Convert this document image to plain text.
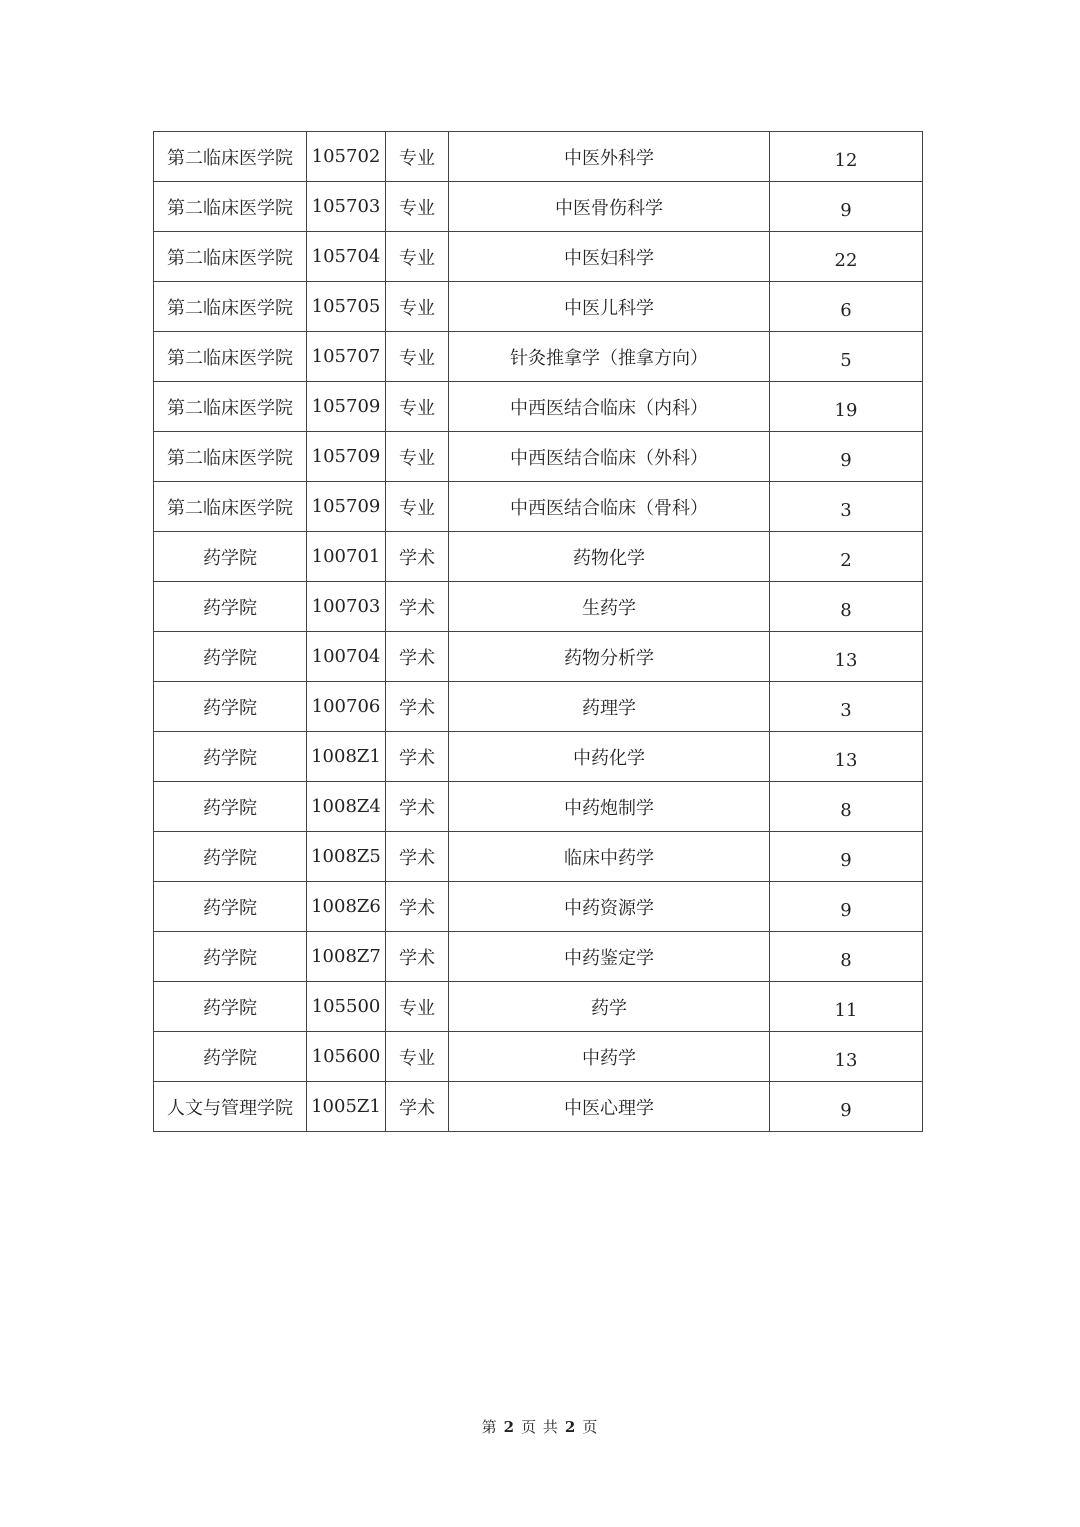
第二临床医学院	105702	专业	中医外科学	12
第二临床医学院	105703	专业	中医骨伤科学	9
第二临床医学院	105704	专业	中医妇科学	22
第二临床医学院	105705	专业	中医儿科学	6
第二临床医学院	105707	专业	针灸推拿学（推拿方向）	5
第二临床医学院	105709	专业	中西医结合临床（内科）	19
第二临床医学院	105709	专业	中西医结合临床（外科）	9
第二临床医学院	105709	专业	中西医结合临床（骨科）	3
药学院	100701	学术	药物化学	2
药学院	100703	学术	生药学	8
药学院	100704	学术	药物分析学	13
药学院	100706	学术	药理学	3
药学院	1008Z1	学术	中药化学	13
药学院	1008Z4	学术	中药炮制学	8
药学院	1008Z5	学术	临床中药学	9
药学院	1008Z6	学术	中药资源学	9
药学院	1008Z7	学术	中药鉴定学	8
药学院	105500	专业	药学	11
药学院	105600	专业	中药学	13
人文与管理学院	1005Z1	学术	中医心理学	9
第 2 页 共 2 页
